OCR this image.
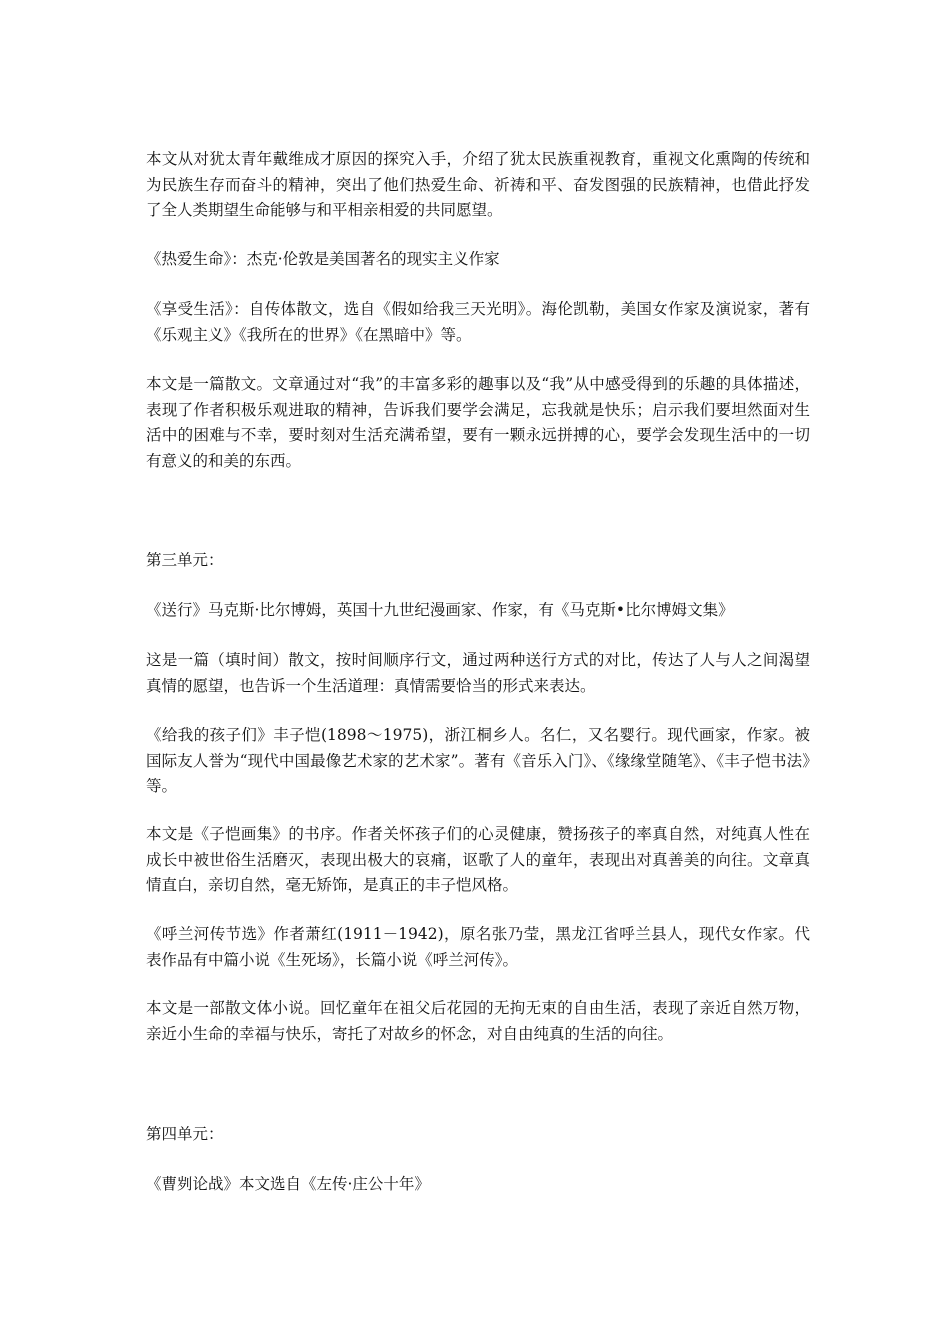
本文从对犹太青年戴维成才原因的探究入手，介绍了犹太民族重视教育，重视文化熏陶的传统和为民族生存而奋斗的精神，突出了他们热爱生命、祈祷和平、奋发图强的民族精神，也借此抒发了全人类期望生命能够与和平相亲相爱的共同愿望。

《热爱生命》：杰克·伦敦是美国著名的现实主义作家

《享受生活》：自传体散文，选自《假如给我三天光明》。海伦凯勒，美国女作家及演说家，著有《乐观主义》《我所在的世界》《在黑暗中》等。

本文是一篇散文。文章通过对“我”的丰富多彩的趣事以及“我”从中感受得到的乐趣的具体描述，表现了作者积极乐观进取的精神，告诉我们要学会满足，忘我就是快乐；启示我们要坦然面对生活中的困难与不幸，要时刻对生活充满希望，要有一颗永远拼搏的心，要学会发现生活中的一切有意义的和美的东西。

第三单元：

《送行》马克斯·比尔博姆，英国十九世纪漫画家、作家，有《马克斯•比尔博姆文集》

这是一篇（填时间）散文，按时间顺序行文，通过两种送行方式的对比，传达了人与人之间渴望真情的愿望，也告诉一个生活道理：真情需要恰当的形式来表达。

《给我的孩子们》丰子恺(1898～1975)，浙江桐乡人。名仁，又名婴行。现代画家，作家。被国际友人誉为“现代中国最像艺术家的艺术家”。著有《音乐入门》、《缘缘堂随笔》、《丰子恺书法》等。

本文是《子恺画集》的书序。作者关怀孩子们的心灵健康，赞扬孩子的率真自然，对纯真人性在成长中被世俗生活磨灭，表现出极大的哀痛，讴歌了人的童年，表现出对真善美的向往。文章真情直白，亲切自然，毫无矫饰，是真正的丰子恺风格。

《呼兰河传节选》作者萧红(1911－1942)，原名张乃莹，黑龙江省呼兰县人，现代女作家。代表作品有中篇小说《生死场》，长篇小说《呼兰河传》。

本文是一部散文体小说。回忆童年在祖父后花园的无拘无束的自由生活，表现了亲近自然万物，亲近小生命的幸福与快乐，寄托了对故乡的怀念，对自由纯真的生活的向往。

第四单元：

《曹刿论战》本文选自《左传·庄公十年》
